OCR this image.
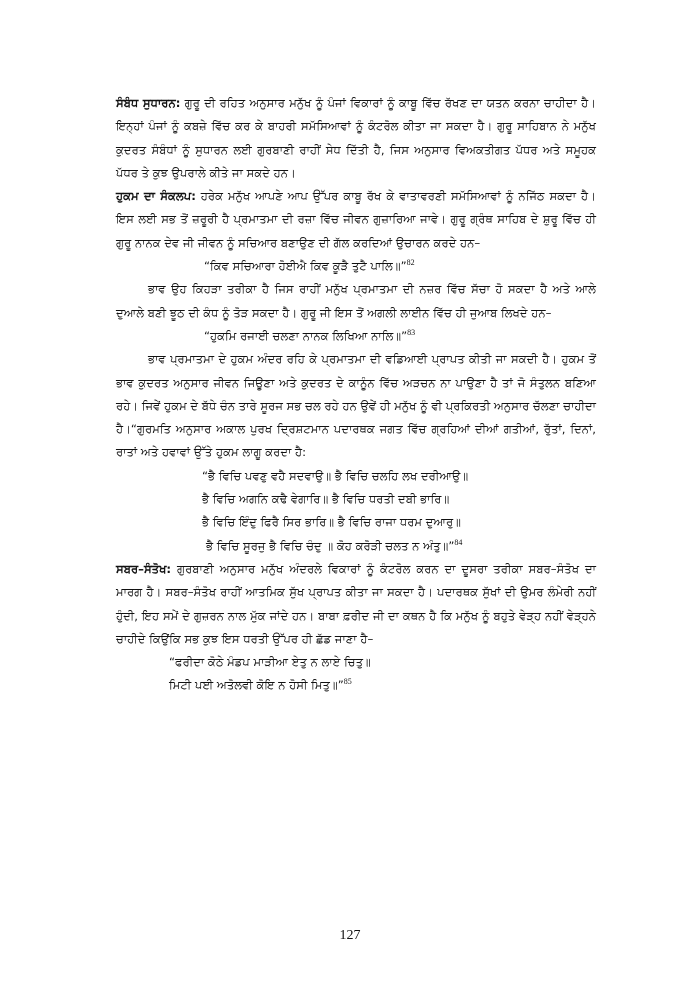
ਸੰਬੰਧ ਸੁਧਾਰਨ: ਗੁਰੂ ਦੀ ਰਹਿਤ ਅਨੁਸਾਰ ਮਨੁੱਖ ਨੂੰ ਪੰਜਾਂ ਵਿਕਾਰਾਂ ਨੂੰ ਕਾਬੂ ਵਿੱਚ ਰੱਖਣ ਦਾ ਯਤਨ ਕਰਨਾ ਚਾਹੀਦਾ ਹੈ। ਇਨ੍ਹਾਂ ਪੰਜਾਂ ਨੂੰ ਕਬਜ਼ੇ ਵਿੱਚ ਕਰ ਕੇ ਬਾਹਰੀ ਸਮੱਸਿਆਵਾਂ ਨੂੰ ਕੰਟਰੋਲ ਕੀਤਾ ਜਾ ਸਕਦਾ ਹੈ। ਗੁਰੂ ਸਾਹਿਬਾਨ ਨੇ ਮਨੁੱਖ ਕੁਦਰਤ ਸੰਬੰਧਾਂ ਨੂੰ ਸੁਧਾਰਨ ਲਈ ਗੁਰਬਾਣੀ ਰਾਹੀਂ ਸੇਧ ਦਿੱਤੀ ਹੈ, ਜਿਸ ਅਨੁਸਾਰ ਵਿਅਕਤੀਗਤ ਪੱਧਰ ਅਤੇ ਸਮੂਹਕ ਪੱਧਰ ਤੇ ਕੁਝ ਉਪਰਾਲੇ ਕੀਤੇ ਜਾ ਸਕਦੇ ਹਨ।

ਹੁਕਮ ਦਾ ਸੰਕਲਪ: ਹਰੇਕ ਮਨੁੱਖ ਆਪਣੇ ਆਪ ਉੱਪਰ ਕਾਬੂ ਰੱਖ ਕੇ ਵਾਤਾਵਰਣੀ ਸਮੱਸਿਆਵਾਂ ਨੂੰ ਨਜਿੱਠ ਸਕਦਾ ਹੈ। ਇਸ ਲਈ ਸਭ ਤੋਂ ਜ਼ਰੂਰੀ ਹੈ ਪ੍ਰਮਾਤਮਾ ਦੀ ਰਜ਼ਾ ਵਿੱਚ ਜੀਵਨ ਗੁਜ਼ਾਰਿਆ ਜਾਵੇ। ਗੁਰੂ ਗ੍ਰੰਥ ਸਾਹਿਬ ਦੇ ਸ਼ੁਰੂ ਵਿੱਚ ਹੀ ਗੁਰੂ ਨਾਨਕ ਦੇਵ ਜੀ ਜੀਵਨ ਨੂੰ ਸਚਿਆਰ ਬਣਾਉਣ ਦੀ ਗੱਲ ਕਰਦਿਆਂ ਉਚਾਰਨ ਕਰਦੇ ਹਨ–

“ਕਿਵ ਸਚਿਆਰਾ ਹੋਈਐ ਕਿਵ ਕੂੜੈ ਤੁਟੈ ਪਾਲਿ॥”$^{82}$

ਭਾਵ ਉਹ ਕਿਹੜਾ ਤਰੀਕਾ ਹੈ ਜਿਸ ਰਾਹੀਂ ਮਨੁੱਖ ਪ੍ਰਮਾਤਮਾ ਦੀ ਨਜ਼ਰ ਵਿੱਚ ਸੱਚਾ ਹੋ ਸਕਦਾ ਹੈ ਅਤੇ ਆਲੇ ਦੁਆਲੇ ਬਣੀ ਝੂਠ ਦੀ ਕੰਧ ਨੂੰ ਤੋੜ ਸਕਦਾ ਹੈ। ਗੁਰੂ ਜੀ ਇਸ ਤੋਂ ਅਗਲੀ ਲਾਈਨ ਵਿੱਚ ਹੀ ਜੁਆਬ ਲਿਖਦੇ ਹਨ–

“ਹੁਕਮਿ ਰਜਾਈ ਚਲਣਾ ਨਾਨਕ ਲਿਖਿਆ ਨਾਲਿ॥”$^{83}$

ਭਾਵ ਪ੍ਰਮਾਤਮਾ ਦੇ ਹੁਕਮ ਅੰਦਰ ਰਹਿ ਕੇ ਪ੍ਰਮਾਤਮਾ ਦੀ ਵਡਿਆਈ ਪ੍ਰਾਪਤ ਕੀਤੀ ਜਾ ਸਕਦੀ ਹੈ। ਹੁਕਮ ਤੋਂ ਭਾਵ ਕੁਦਰਤ ਅਨੁਸਾਰ ਜੀਵਨ ਜਿਊਣਾ ਅਤੇ ਕੁਦਰਤ ਦੇ ਕਾਨੂੰਨ ਵਿੱਚ ਅੜਚਨ ਨਾ ਪਾਉਣਾ ਹੈ ਤਾਂ ਜੋ ਸੰਤੁਲਨ ਬਣਿਆ ਰਹੇ। ਜਿਵੇਂ ਹੁਕਮ ਦੇ ਬੱਧੇ ਚੰਨ ਤਾਰੇ ਸੂਰਜ ਸਭ ਚਲ ਰਹੇ ਹਨ ਉਵੇਂ ਹੀ ਮਨੁੱਖ ਨੂੰ ਵੀ ਪ੍ਰਕਿਰਤੀ ਅਨੁਸਾਰ ਚੱਲਣਾ ਚਾਹੀਦਾ ਹੈ।“ਗੁਰਮਤਿ ਅਨੁਸਾਰ ਅਕਾਲ ਪੁਰਖ ਦ੍ਰਿਸ਼ਟਮਾਨ ਪਦਾਰਥਕ ਜਗਤ ਵਿੱਚ ਗ੍ਰਹਿਆਂ ਦੀਆਂ ਗਤੀਆਂ, ਰੁੱਤਾਂ, ਦਿਨਾਂ, ਰਾਤਾਂ ਅਤੇ ਹਵਾਵਾਂ ਉੱਤੇ ਹੁਕਮ ਲਾਗੂ ਕਰਦਾ ਹੈ:

“ਭੈ ਵਿਚਿ ਪਵਣੁ ਵਹੈ ਸਦਵਾਉ॥ ਭੈ ਵਿਚਿ ਚਲਹਿ ਲਖ ਦਰੀਆਉ॥

ਭੈ ਵਿਚਿ ਅਗਨਿ ਕਢੈ ਵੇਗਾਰਿ॥ ਭੈ ਵਿਚਿ ਧਰਤੀ ਦਬੀ ਭਾਰਿ॥

ਭੈ ਵਿਚਿ ਇੰਦੁ ਫਿਰੈ ਸਿਰ ਭਾਰਿ॥ ਭੈ ਵਿਚਿ ਰਾਜਾ ਧਰਮ ਦੁਆਰੁ॥

ਭੈ ਵਿਚਿ ਸੂਰਜੁ ਭੈ ਵਿਚਿ ਚੰਦੁ ॥ ਕੋਹ ਕਰੋੜੀ ਚਲਤ ਨ ਅੰਤੁ॥”$^{84}$

ਸਬਰ–ਸੰਤੋਖ: ਗੁਰਬਾਣੀ ਅਨੁਸਾਰ ਮਨੁੱਖ ਅੰਦਰਲੇ ਵਿਕਾਰਾਂ ਨੂੰ ਕੰਟਰੋਲ ਕਰਨ ਦਾ ਦੂਸਰਾ ਤਰੀਕਾ ਸਬਰ–ਸੰਤੋਖ ਦਾ ਮਾਰਗ ਹੈ। ਸਬਰ–ਸੰਤੋਖ ਰਾਹੀਂ ਆਤਮਿਕ ਸੁੱਖ ਪ੍ਰਾਪਤ ਕੀਤਾ ਜਾ ਸਕਦਾ ਹੈ। ਪਦਾਰਥਕ ਸੁੱਖਾਂ ਦੀ ਉਮਰ ਲੰਮੇਰੀ ਨਹੀਂ ਹੁੰਦੀ, ਇਹ ਸਮੇਂ ਦੇ ਗੁਜ਼ਰਨ ਨਾਲ ਮੁੱਕ ਜਾਂਦੇ ਹਨ। ਬਾਬਾ ਫ਼ਰੀਦ ਜੀ ਦਾ ਕਥਨ ਹੈ ਕਿ ਮਨੁੱਖ ਨੂੰ ਬਹੁਤੇ ਵੇੜ੍ਹ ਨਹੀਂ ਵੇੜ੍ਹਨੇ ਚਾਹੀਦੇ ਕਿਉਂਕਿ ਸਭ ਕੁਝ ਇਸ ਧਰਤੀ ਉੱਪਰ ਹੀ ਛੱਡ ਜਾਣਾ ਹੈ–

“ਫਰੀਦਾ ਕੋਠੇ ਮੰਡਪ ਮਾੜੀਆ ਏਤੁ ਨ ਲਾਏ ਚਿਤੁ॥

ਮਿਟੀ ਪਈ ਅਤੋਲਵੀ ਕੋਇ ਨ ਹੋਸੀ ਮਿਤੁ॥”$^{85}$

127
